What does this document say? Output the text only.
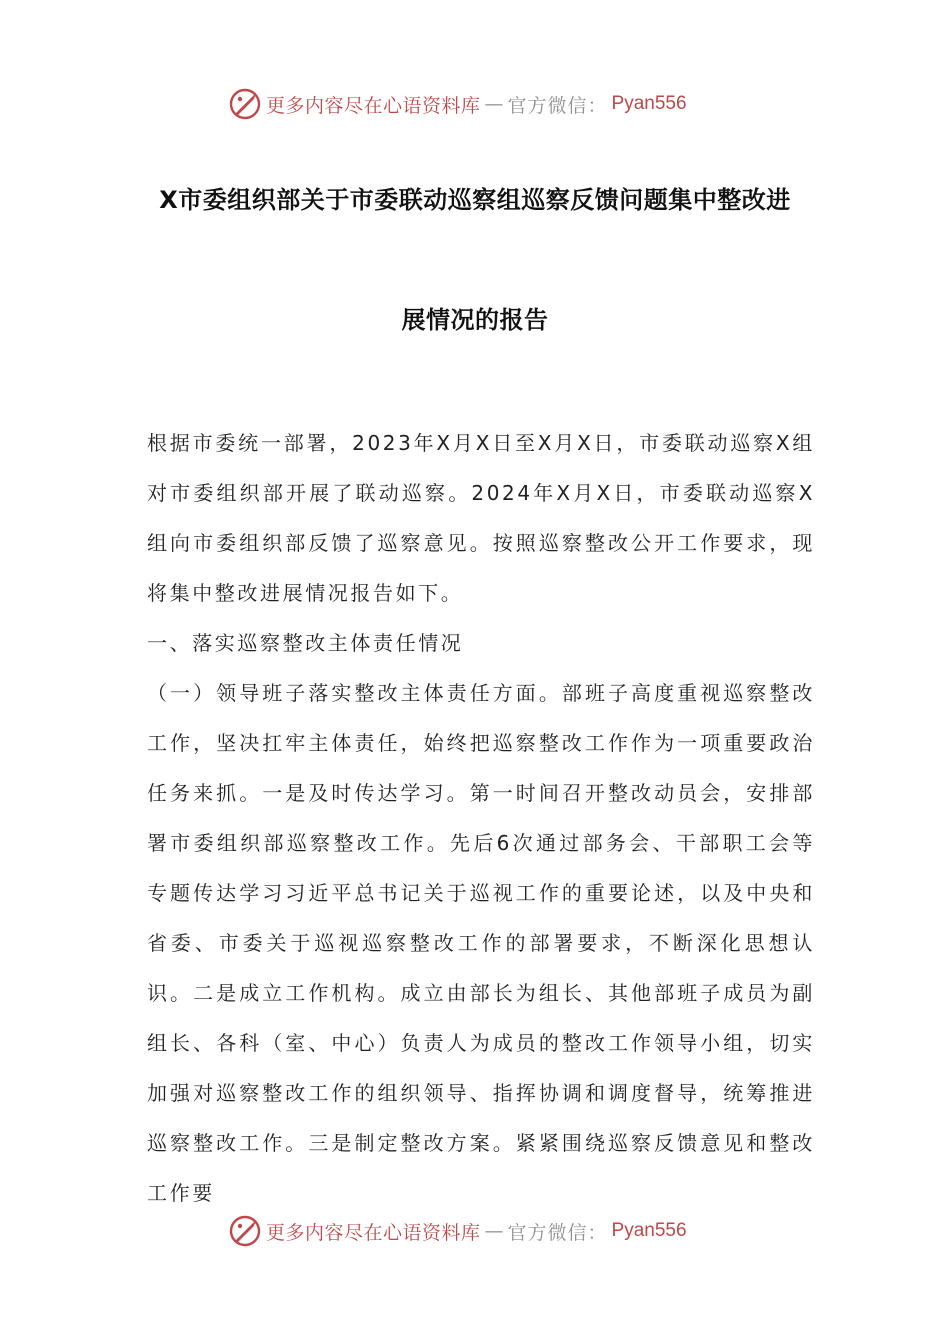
更多内容尽在心语资料库 — 官方微信： Pyan556
X市委组织部关于市委联动巡察组巡察反馈问题集中整改进
展情况的报告

根据市委统一部署，2023年X月X日至X月X日，市委联动巡察X组对市委组织部开展了联动巡察。2024年X月X日，市委联动巡察X组向市委组织部反馈了巡察意见。按照巡察整改公开工作要求，现将集中整改进展情况报告如下。

一、落实巡察整改主体责任情况

（一）领导班子落实整改主体责任方面。部班子高度重视巡察整改工作，坚决扛牢主体责任，始终把巡察整改工作作为一项重要政治任务来抓。一是及时传达学习。第一时间召开整改动员会，安排部署市委组织部巡察整改工作。先后6次通过部务会、干部职工会等专题传达学习习近平总书记关于巡视工作的重要论述，以及中央和省委、市委关于巡视巡察整改工作的部署要求，不断深化思想认识。二是成立工作机构。成立由部长为组长、其他部班子成员为副组长、各科（室、中心）负责人为成员的整改工作领导小组，切实加强对巡察整改工作的组织领导、指挥协调和调度督导，统筹推进巡察整改工作。三是制定整改方案。紧紧围绕巡察反馈意见和整改工作要

更多内容尽在心语资料库 — 官方微信： Pyan556
